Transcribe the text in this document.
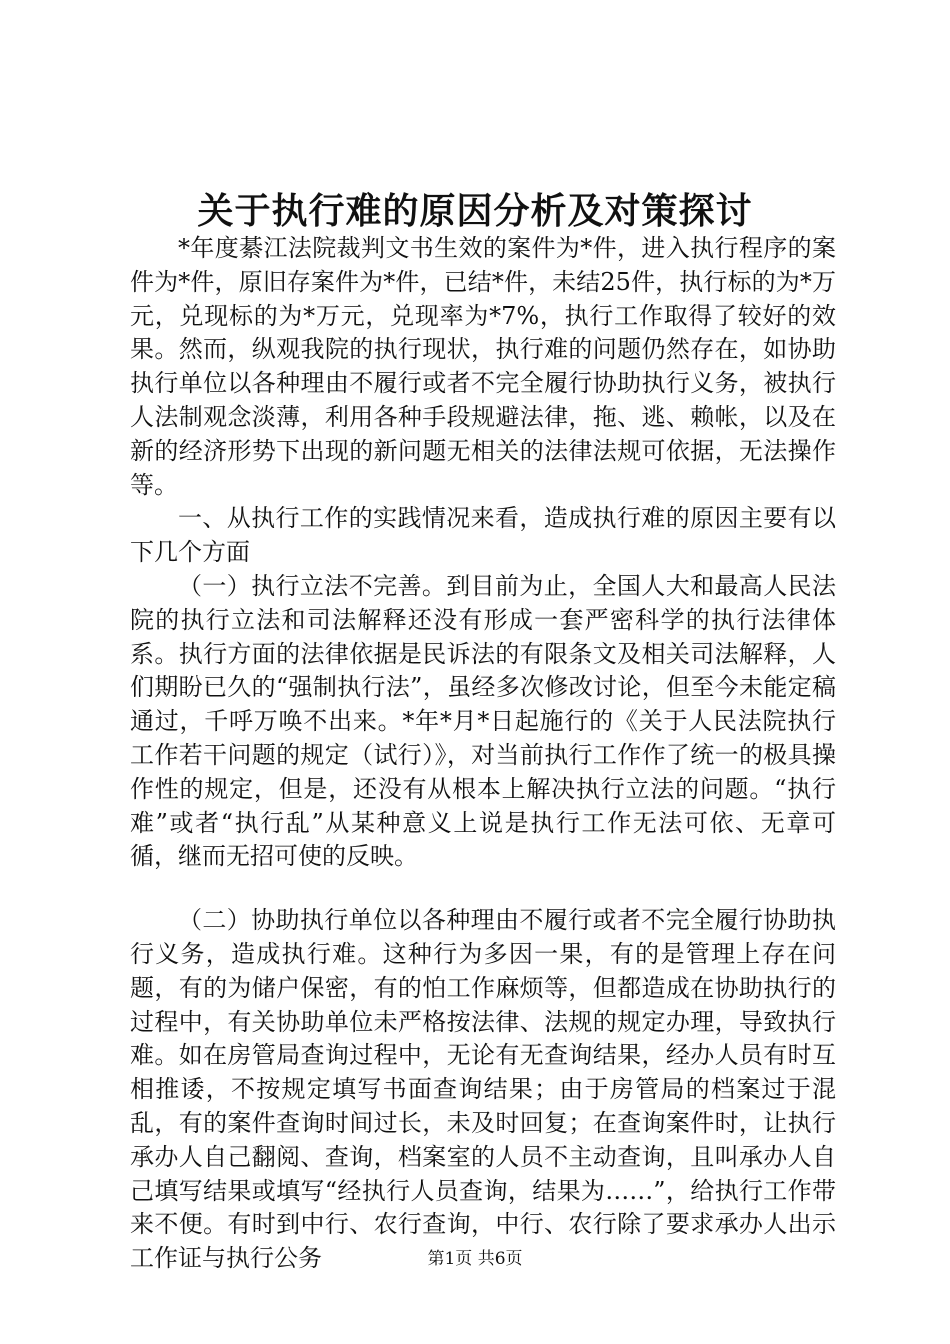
关于执行难的原因分析及对策探讨

*年度綦江法院裁判文书生效的案件为*件，进入执行程序的案件为*件，原旧存案件为*件，已结*件，未结25件，执行标的为*万元，兑现标的为*万元，兑现率为*7%，执行工作取得了较好的效果。然而，纵观我院的执行现状，执行难的问题仍然存在，如协助执行单位以各种理由不履行或者不完全履行协助执行义务，被执行人法制观念淡薄，利用各种手段规避法律，拖、逃、赖帐，以及在新的经济形势下出现的新问题无相关的法律法规可依据，无法操作等。

一、从执行工作的实践情况来看，造成执行难的原因主要有以下几个方面

（一）执行立法不完善。到目前为止，全国人大和最高人民法院的执行立法和司法解释还没有形成一套严密科学的执行法律体系。执行方面的法律依据是民诉法的有限条文及相关司法解释，人们期盼已久的“强制执行法”，虽经多次修改讨论，但至今未能定稿通过，千呼万唤不出来。*年*月*日起施行的《关于人民法院执行工作若干问题的规定（试行）》，对当前执行工作作了统一的极具操作性的规定，但是，还没有从根本上解决执行立法的问题。“执行难”或者“执行乱”从某种意义上说是执行工作无法可依、无章可循，继而无招可使的反映。

（二）协助执行单位以各种理由不履行或者不完全履行协助执行义务，造成执行难。这种行为多因一果，有的是管理上存在问题，有的为储户保密，有的怕工作麻烦等，但都造成在协助执行的过程中，有关协助单位未严格按法律、法规的规定办理，导致执行难。如在房管局查询过程中，无论有无查询结果，经办人员有时互相推诿，不按规定填写书面查询结果；由于房管局的档案过于混乱，有的案件查询时间过长，未及时回复；在查询案件时，让执行承办人自己翻阅、查询，档案室的人员不主动查询，且叫承办人自己填写结果或填写“经执行人员查询，结果为……”，给执行工作带来不便。有时到中行、农行查询，中行、农行除了要求承办人出示工作证与执行公务	第1页 共6页
